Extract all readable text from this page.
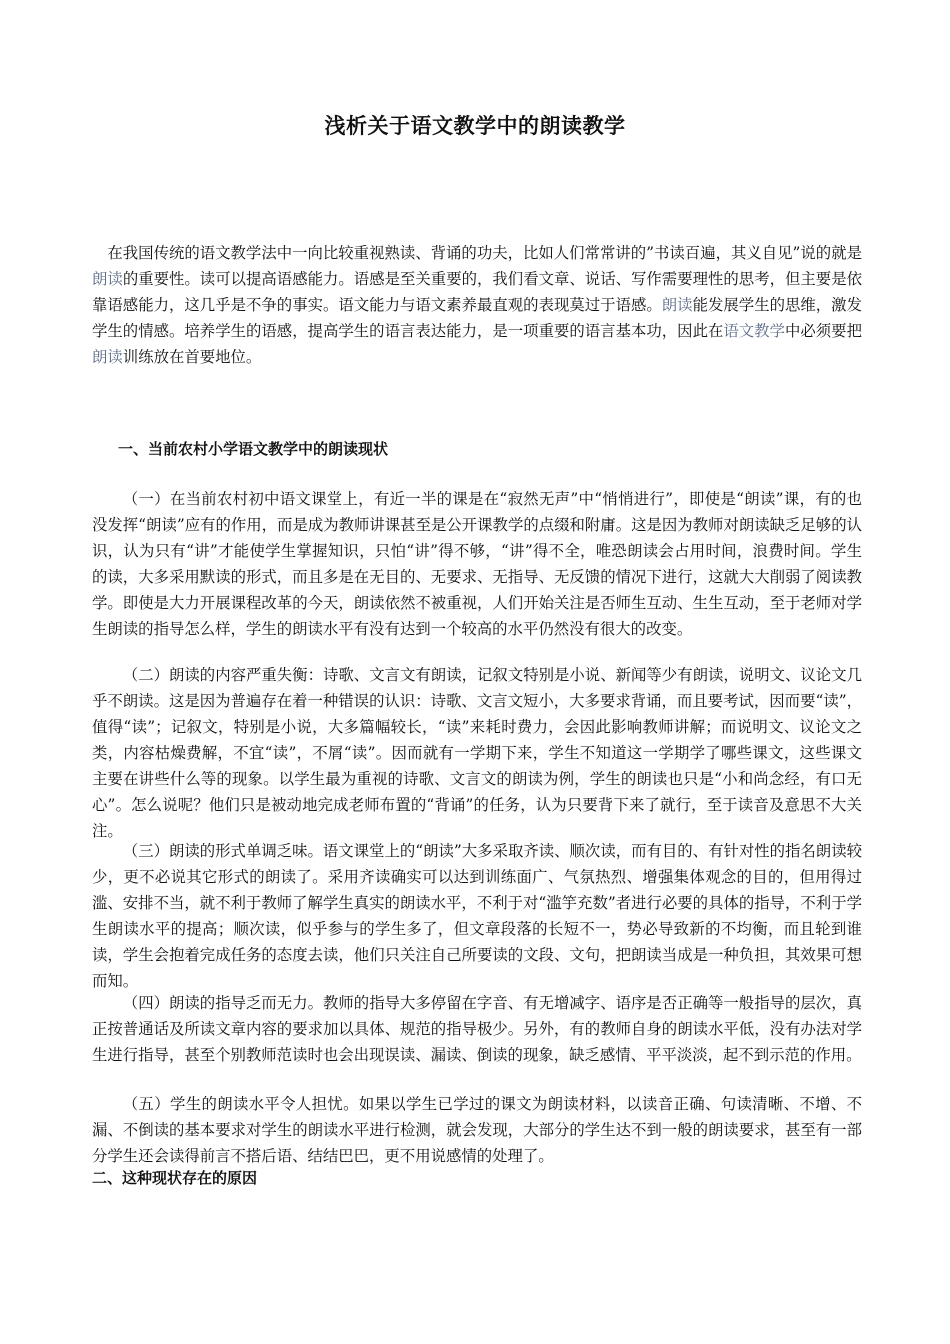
浅析关于语文教学中的朗读教学

在我国传统的语文教学法中一向比较重视熟读、背诵的功夫，比如人们常常讲的”书读百遍，其义自见”说的就是朗读的重要性。读可以提高语感能力。语感是至关重要的，我们看文章、说话、写作需要理性的思考，但主要是依靠语感能力，这几乎是不争的事实。语文能力与语文素养最直观的表现莫过于语感。朗读能发展学生的思维，激发学生的情感。培养学生的语感，提高学生的语言表达能力，是一项重要的语言基本功，因此在语文教学中必须要把朗读训练放在首要地位。

一、当前农村小学语文教学中的朗读现状

（一）在当前农村初中语文课堂上，有近一半的课是在“寂然无声”中“悄悄进行”，即使是“朗读”课，有的也没发挥“朗读”应有的作用，而是成为教师讲课甚至是公开课教学的点缀和附庸。这是因为教师对朗读缺乏足够的认识，认为只有“讲”才能使学生掌握知识，只怕“讲”得不够，“讲”得不全，唯恐朗读会占用时间，浪费时间。学生的读，大多采用默读的形式，而且多是在无目的、无要求、无指导、无反馈的情况下进行，这就大大削弱了阅读教学。即使是大力开展课程改革的今天，朗读依然不被重视，人们开始关注是否师生互动、生生互动，至于老师对学生朗读的指导怎么样，学生的朗读水平有没有达到一个较高的水平仍然没有很大的改变。

（二）朗读的内容严重失衡：诗歌、文言文有朗读，记叙文特别是小说、新闻等少有朗读，说明文、议论文几乎不朗读。这是因为普遍存在着一种错误的认识：诗歌、文言文短小，大多要求背诵，而且要考试，因而要“读”，值得“读”；记叙文，特别是小说，大多篇幅较长，“读”来耗时费力，会因此影响教师讲解；而说明文、议论文之类，内容枯燥费解，不宜“读”，不屑“读”。因而就有一学期下来，学生不知道这一学期学了哪些课文，这些课文主要在讲些什么等的现象。以学生最为重视的诗歌、文言文的朗读为例，学生的朗读也只是“小和尚念经，有口无心”。怎么说呢？他们只是被动地完成老师布置的“背诵”的任务，认为只要背下来了就行，至于读音及意思不大关注。

（三）朗读的形式单调乏味。语文课堂上的“朗读”大多采取齐读、顺次读，而有目的、有针对性的指名朗读较少，更不必说其它形式的朗读了。采用齐读确实可以达到训练面广、气氛热烈、增强集体观念的目的，但用得过滥、安排不当，就不利于教师了解学生真实的朗读水平，不利于对“滥竽充数”者进行必要的具体的指导，不利于学生朗读水平的提高；顺次读，似乎参与的学生多了，但文章段落的长短不一，势必导致新的不均衡，而且轮到谁读，学生会抱着完成任务的态度去读，他们只关注自己所要读的文段、文句，把朗读当成是一种负担，其效果可想而知。

（四）朗读的指导乏而无力。教师的指导大多停留在字音、有无增减字、语序是否正确等一般指导的层次，真正按普通话及所读文章内容的要求加以具体、规范的指导极少。另外，有的教师自身的朗读水平低，没有办法对学生进行指导，甚至个别教师范读时也会出现误读、漏读、倒读的现象，缺乏感情、平平淡淡，起不到示范的作用。

（五）学生的朗读水平令人担忧。如果以学生已学过的课文为朗读材料，以读音正确、句读清晰、不增、不漏、不倒读的基本要求对学生的朗读水平进行检测，就会发现，大部分的学生达不到一般的朗读要求，甚至有一部分学生还会读得前言不搭后语、结结巴巴，更不用说感情的处理了。

二、这种现状存在的原因
